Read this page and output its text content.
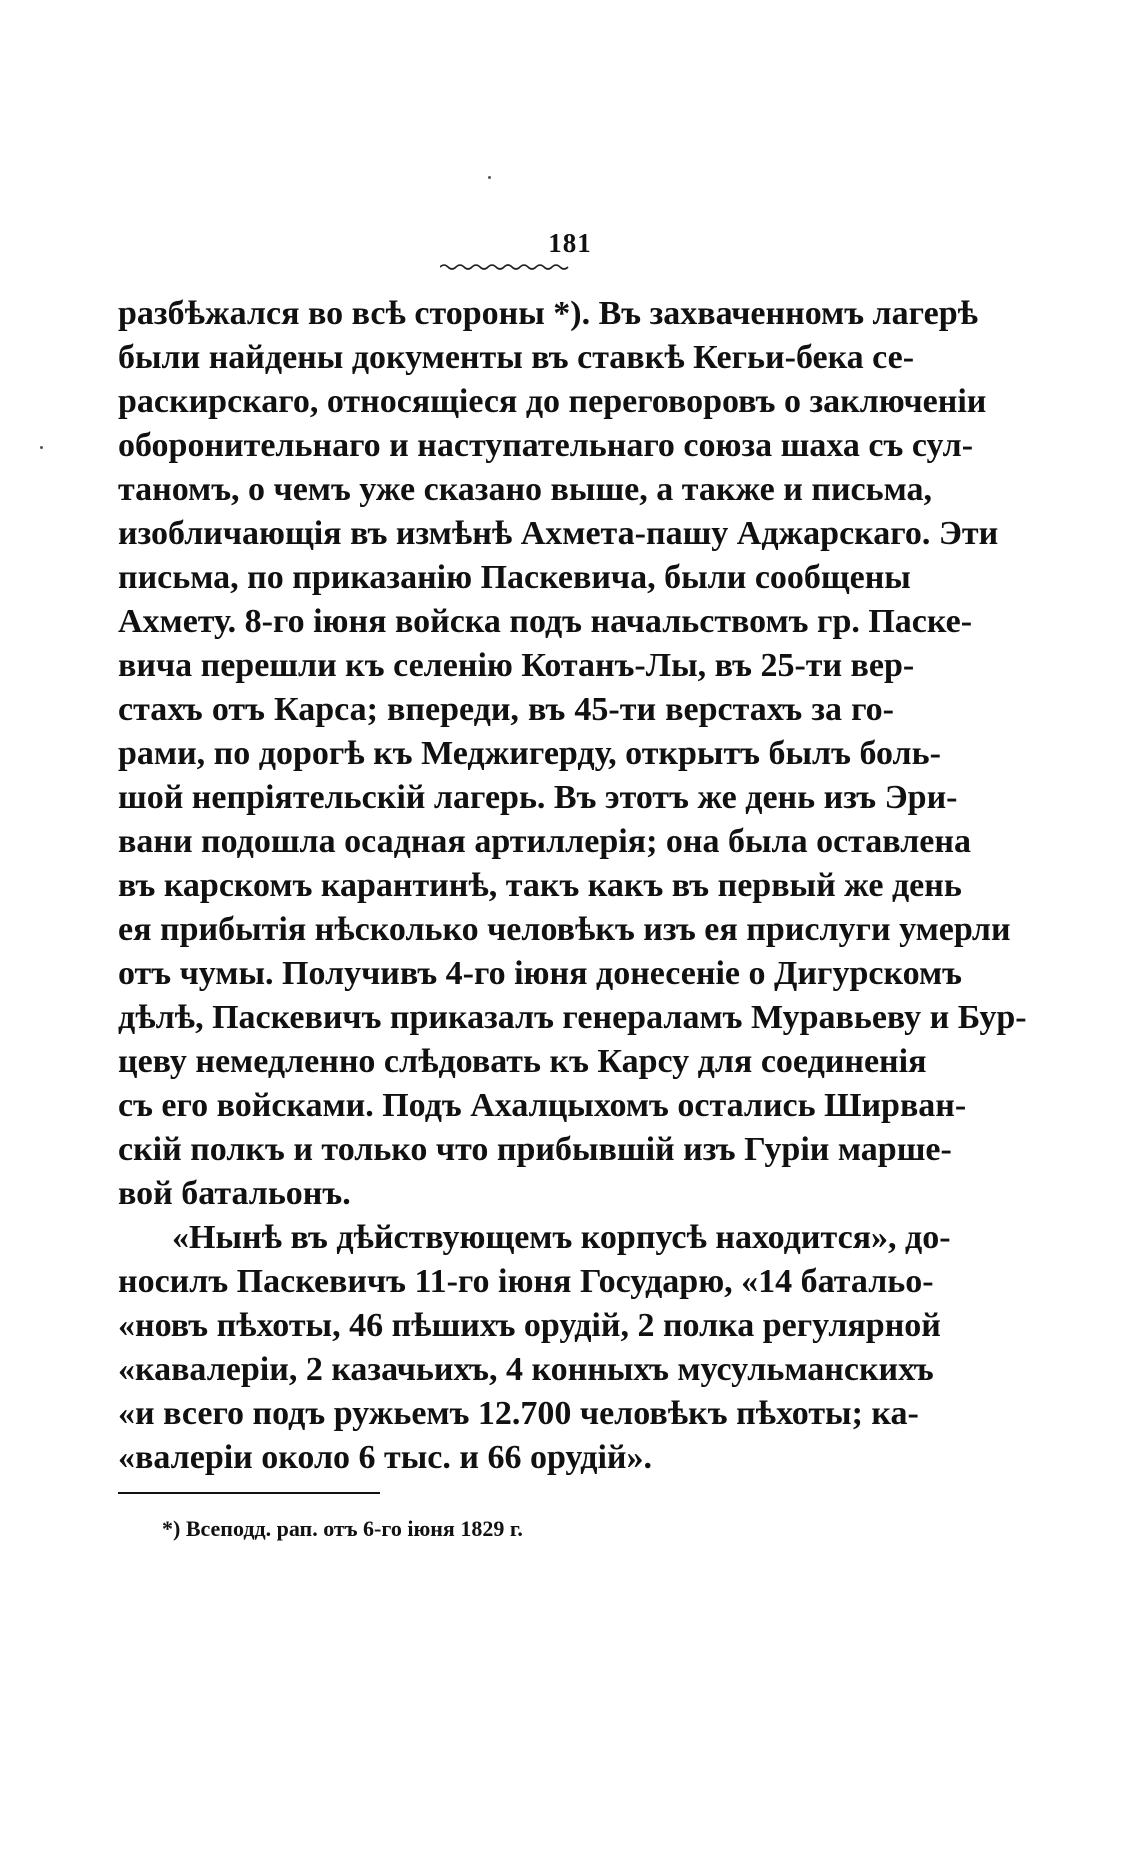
181
разбѣжался во всѣ стороны *). Въ захваченномъ лагерѣ
были найдены документы въ ставкѣ Кегьи-бека се-
раскирскаго, относящіеся до переговоровъ о заключеніи
оборонительнаго и наступательнаго союза шаха съ сул-
таномъ, о чемъ уже сказано выше, а также и письма,
изобличающія въ измѣнѣ Ахмета-пашу Аджарскаго. Эти
письма, по приказанію Паскевича, были сообщены
Ахмету. 8-го іюня войска подъ начальствомъ гр. Паске-
вича перешли къ селенію Котанъ-Лы, въ 25-ти вер-
стахъ отъ Карса; впереди, въ 45-ти верстахъ за го-
рами, по дорогѣ къ Меджигерду, открытъ былъ боль-
шой непріятельскій лагерь. Въ этотъ же день изъ Эри-
вани подошла осадная артиллерія; она была оставлена
въ карскомъ карантинѣ, такъ какъ въ первый же день
ея прибытія нѣсколько человѣкъ изъ ея прислуги умерли
отъ чумы. Получивъ 4-го іюня донесеніе о Дигурскомъ
дѣлѣ, Паскевичъ приказалъ генераламъ Муравьеву и Бур-
цеву немедленно слѣдовать къ Карсу для соединенія
съ его войсками. Подъ Ахалцыхомъ остались Ширван-
скій полкъ и только что прибывшій изъ Гуріи марше-
вой батальонъ.
«Нынѣ въ дѣйствующемъ корпусѣ находится», до-
носилъ Паскевичъ 11-го іюня Государю, «14 батальо-
«новъ пѣхоты, 46 пѣшихъ орудій, 2 полка регулярной
«кавалеріи, 2 казачьихъ, 4 конныхъ мусульманскихъ
«и всего подъ ружьемъ 12.700 человѣкъ пѣхоты; ка-
«валеріи около 6 тыс. и 66 орудій».
*) Всеподд. рап. отъ 6-го іюня 1829 г.
